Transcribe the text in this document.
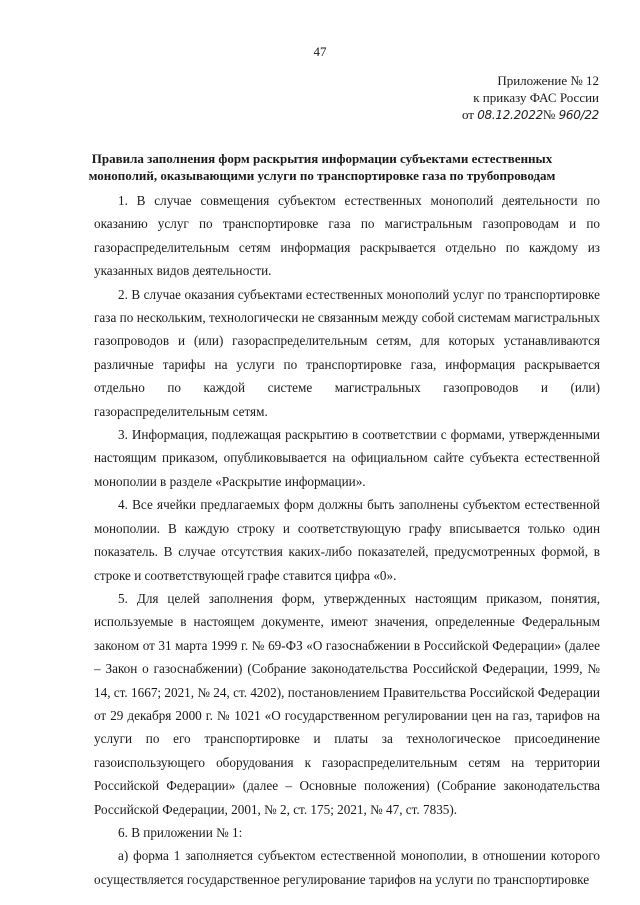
47
Приложение № 12
к приказу ФАС России
от 08.12.2022№ 960/22
Правила заполнения форм раскрытия информации субъектами естественных
монополий, оказывающими услуги по транспортировке газа по трубопроводам

1. В случае совмещения субъектом естественных монополий деятельности по оказанию услуг по транспортировке газа по магистральным газопроводам и по газораспределительным сетям информация раскрывается отдельно по каждому из указанных видов деятельности.

2. В случае оказания субъектами естественных монополий услуг по транспортировке газа по нескольким, технологически не связанным между собой системам магистральных газопроводов и (или) газораспределительным сетям, для которых устанавливаются различные тарифы на услуги по транспортировке газа, информация раскрывается отдельно по каждой системе магистральных газопроводов и (или) газораспределительным сетям.

3. Информация, подлежащая раскрытию в соответствии с формами, утвержденными настоящим приказом, опубликовывается на официальном сайте субъекта естественной монополии в разделе «Раскрытие информации».

4. Все ячейки предлагаемых форм должны быть заполнены субъектом естественной монополии. В каждую строку и соответствующую графу вписывается только один показатель. В случае отсутствия каких-либо показателей, предусмотренных формой, в строке и соответствующей графе ставится цифра «0».

5. Для целей заполнения форм, утвержденных настоящим приказом, понятия, используемые в настоящем документе, имеют значения, определенные Федеральным законом от 31 марта 1999 г. № 69-ФЗ «О газоснабжении в Российской Федерации» (далее – Закон о газоснабжении) (Собрание законодательства Российской Федерации, 1999, № 14, ст. 1667; 2021, № 24, ст. 4202), постановлением Правительства Российской Федерации от 29 декабря 2000 г. № 1021 «О государственном регулировании цен на газ, тарифов на услуги по его транспортировке и платы за технологическое присоединение газоиспользующего оборудования к газораспределительным сетям на территории Российской Федерации» (далее – Основные положения) (Собрание законодательства Российской Федерации, 2001, № 2, ст. 175; 2021, № 47, ст. 7835).

6. В приложении № 1:

а) форма 1 заполняется субъектом естественной монополии, в отношении которого осуществляется государственное регулирование тарифов на услуги по транспортировке
